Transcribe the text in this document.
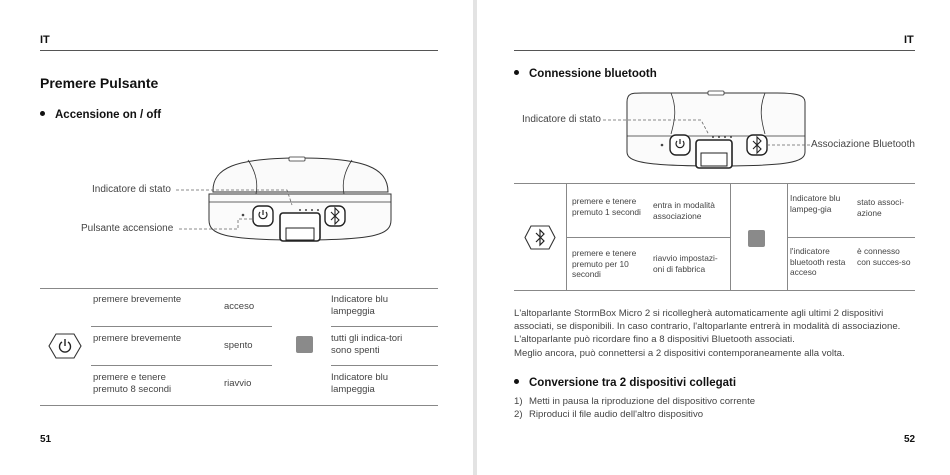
IT
Premere Pulsante
Accensione on / off
Indicatore di stato
Pulsante accensione
premere brevemente
acceso
Indicatore blu lampeggia
premere brevemente
spento
tutti gli indica-tori sono spenti
premere e tenere premuto 8 secondi
riavvio
Indicatore blu lampeggia
51
IT
Connessione bluetooth
Indicatore di stato
Associazione Bluetooth
premere e tenere premuto 1 secondi
entra in modalità associazione
premere e tenere premuto per 10 secondi
riavvio impostazi-oni di fabbrica
Indicatore blu lampeg-gia
stato associ-azione
l'indicatore bluetooth resta acceso
è connesso con succes-so
L'altoparlante StormBox Micro 2 si ricollegherà automaticamente agli ultimi 2 dispositivi
associati, se disponibili. In caso contrario, l'altoparlante entrerà in modalità di associazione.
L'altoparlante può ricordare fino a 8 dispositivi Bluetooth associati.
Meglio ancora, può connettersi a 2 dispositivi contemporaneamente alla volta.
Conversione tra 2 dispositivi collegati
1) Metti in pausa la riproduzione del dispositivo corrente
2) Riproduci il file audio dell'altro dispositivo
52
